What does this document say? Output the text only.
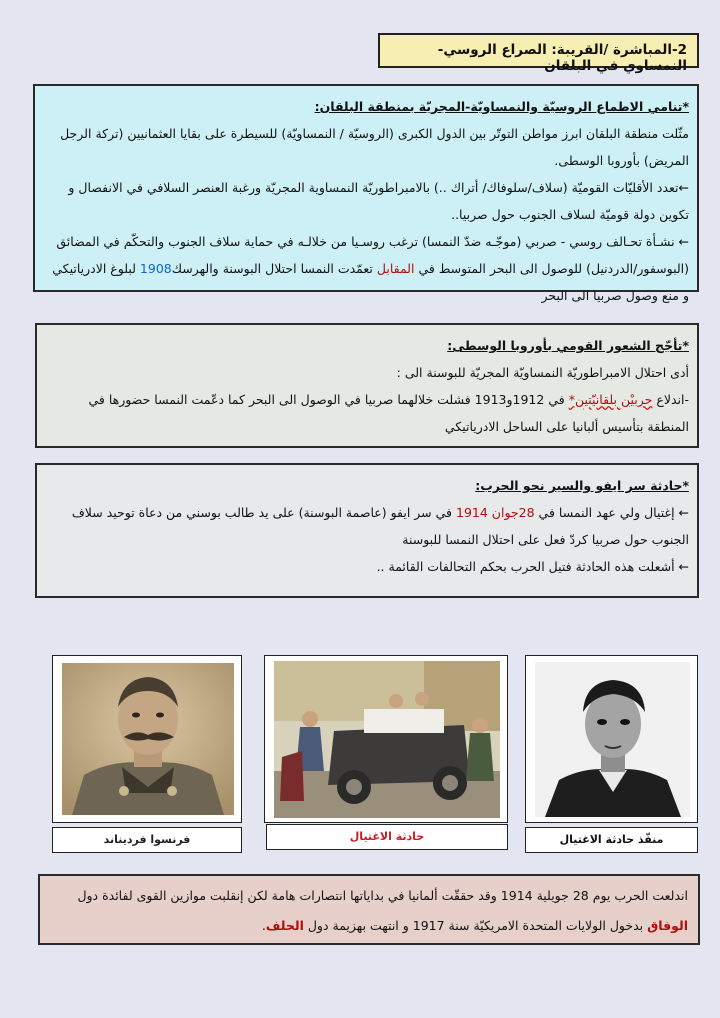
2-المباشرة /القريبة: الصراع الروسي- النمساوي في البلقان
*تنامي الاطماع الروسيّة والنمساويّة-المجريّة بمنطقة البلقان:
مثّلت منطقة البلقان ابرز مواطن التوتّر بين الدول الكبرى (الروسيّة / النمساويّة) للسيطرة على بقايا العثمانيين (تركة الرجل المريض) بأوروبا الوسطى.
←تعدد الأقليّات القوميّة (سلاف/سلوفاك/ أتراك ..) بالامبراطوريّة النمساوية المجريّة ورغبة العنصر السلافي في الانفصال و تكوين دولة قوميّة لسلاف الجنوب حول صربيا..
← نشـأة تحـالف روسي - صربي (موجّـه ضدّ النمسا) ترغب روسـيا من خلالـه في حماية سلاف الجنوب والتحكّم في المضائق (البوسفور/الدردنيل) للوصول الى البحر المتوسط في المقابل تعمّدت النمسا احتلال البوسنة والهرسك1908 لبلوغ الادرياتيكي و منع وصول صربيا الى البحر
*تأجّج الشعور القومي بأوروبا الوسطى:
أدى احتلال الامبراطوريّة النمساويّة المجريّة للبوسنة الى :
-اندلاع حربيْن بلقانيّتين* في 1912و1913 فشلت خلالهما صربيا في الوصول الى البحر كما دعّمت النمسا حضورها في المنطقة بتأسيس ألبانيا على الساحل الادرياتيكي
*حادثة سر ايفو والسير نحو الحرب:
← إغتيال ولي عهد النمسا في 28جوان 1914 في سر ايفو (عاصمة البوسنة) على يد طالب بوسني من دعاة توحيد سلاف الجنوب حول صربيا كردّ فعل على احتلال النمسا للبوسنة
← أشعلت هذه الحادثة فتيل الحرب بحكم التحالفات القائمة ..
فرنسوا فرديناند	حادثة الاغتيال	منفّذ حادثة الاغتيال
اندلعت الحرب يوم 28 جويلية 1914 وقد حققّت ألمانيا في بداياتها انتصارات هامة لكن إنقلبت موازين القوى لفائدة دول الوفاق بدخول الولايات المتحدة الامريكيّة سنة 1917 و انتهت بهزيمة دول الحلف.
